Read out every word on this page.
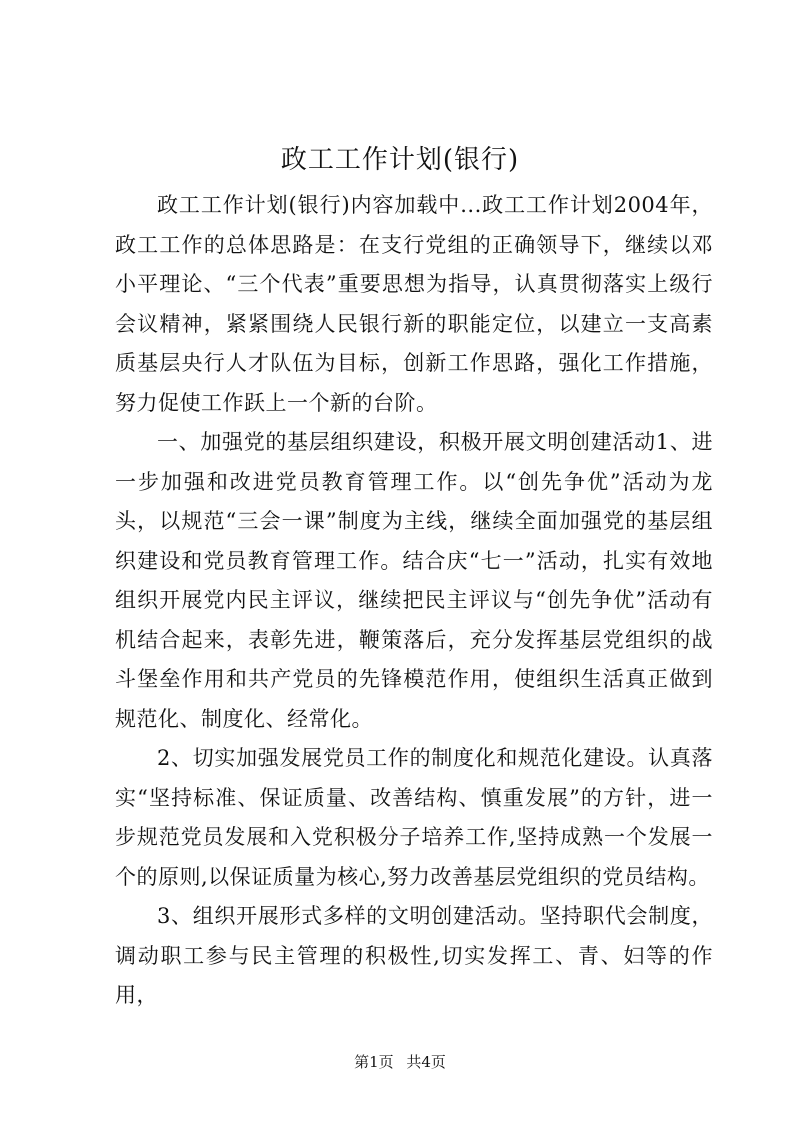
政工工作计划(银行)

政工工作计划(银行)内容加载中...政工工作计划2004年，政工工作的总体思路是：在支行党组的正确领导下，继续以邓小平理论、“三个代表”重要思想为指导，认真贯彻落实上级行会议精神，紧紧围绕人民银行新的职能定位，以建立一支高素质基层央行人才队伍为目标，创新工作思路，强化工作措施，努力促使工作跃上一个新的台阶。

一、加强党的基层组织建设，积极开展文明创建活动1、进一步加强和改进党员教育管理工作。以“创先争优”活动为龙头，以规范“三会一课”制度为主线，继续全面加强党的基层组织建设和党员教育管理工作。结合庆“七一”活动，扎实有效地组织开展党内民主评议，继续把民主评议与“创先争优”活动有机结合起来，表彰先进，鞭策落后，充分发挥基层党组织的战斗堡垒作用和共产党员的先锋模范作用，使组织生活真正做到规范化、制度化、经常化。

2、切实加强发展党员工作的制度化和规范化建设。认真落实“坚持标准、保证质量、改善结构、慎重发展”的方针，进一步规范党员发展和入党积极分子培养工作,坚持成熟一个发展一个的原则,以保证质量为核心,努力改善基层党组织的党员结构。

3、组织开展形式多样的文明创建活动。坚持职代会制度，调动职工参与民主管理的积极性,切实发挥工、青、妇等的作用，

第1页 共4页
